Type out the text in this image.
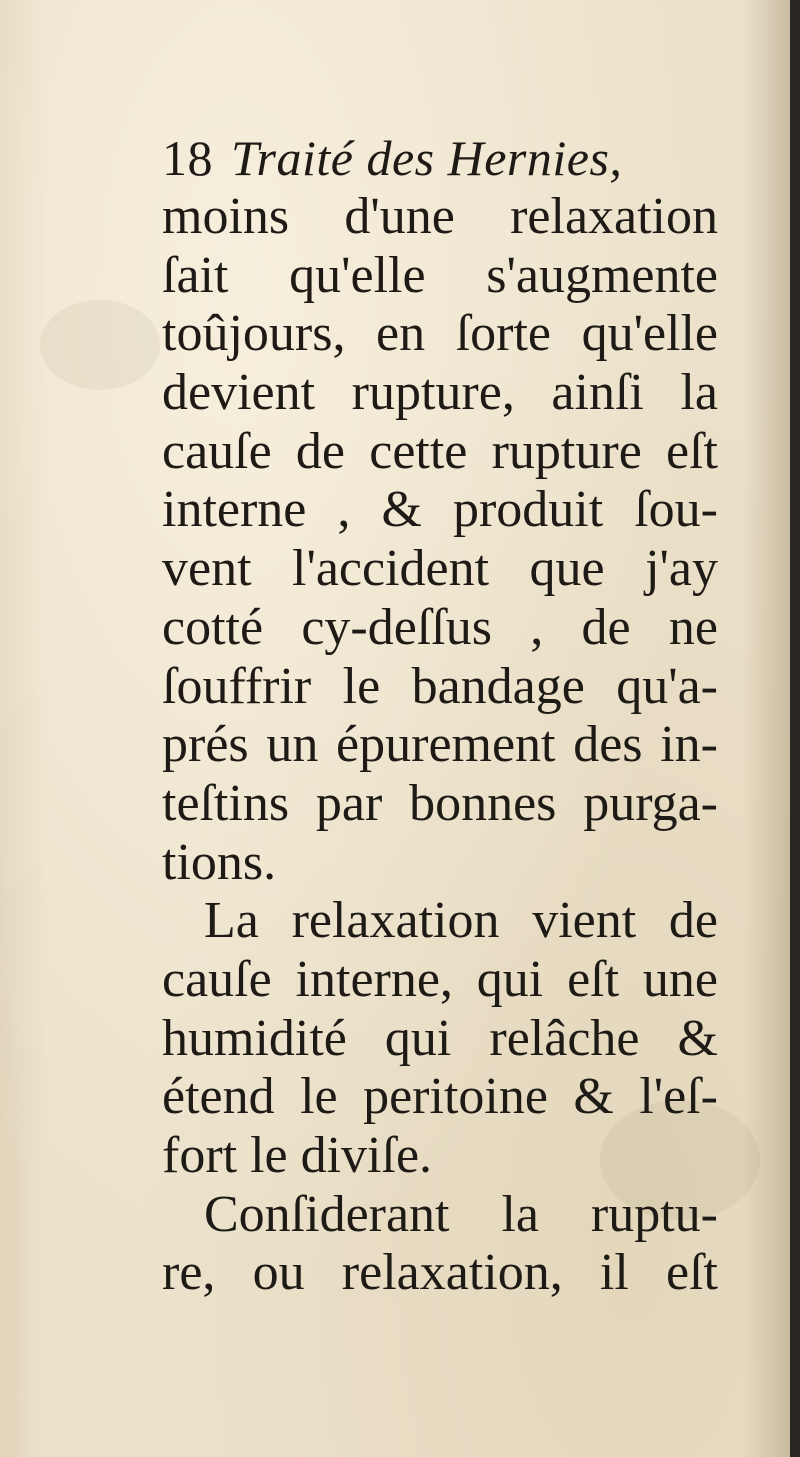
18 Traité des Hernies,
moins d'une relaxation
ſait qu'elle s'augmente
toûjours, en ſorte qu'elle
devient rupture, ainſi la
cauſe de cette rupture eſt
interne , & produit ſou-
vent l'accident que j'ay
cotté cy-deſſus , de ne
ſouffrir le bandage qu'a-
prés un épurement des in-
teſtins par bonnes purga-
tions.
La relaxation vient de
cauſe interne, qui eſt une
humidité qui relâche &
étend le peritoine & l'eſ-
fort le diviſe.
Conſiderant la ruptu-
re, ou relaxation, il eſt
